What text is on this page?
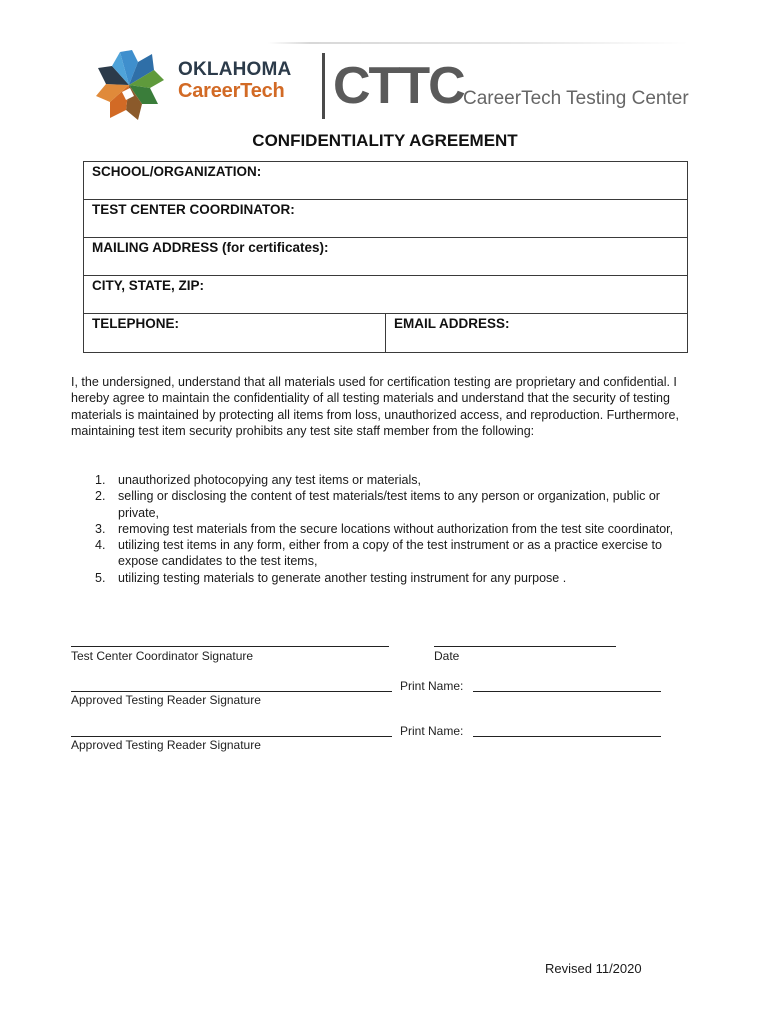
OKLAHOMA
CareerTech CTTC CareerTech Testing Center
CONFIDENTIALITY AGREEMENT
SCHOOL/ORGANIZATION:
TEST CENTER COORDINATOR:
MAILING ADDRESS (for certificates):
CITY, STATE, ZIP:
TELEPHONE:	EMAIL ADDRESS:
I, the undersigned, understand that all materials used for certification testing are proprietary and confidential. I hereby agree to maintain the confidentiality of all testing materials and understand that the security of testing materials is maintained by protecting all items from loss, unauthorized access, and reproduction. Furthermore, maintaining test item security prohibits any test site staff member from the following:
1. unauthorized photocopying any test items or materials,
2. selling or disclosing the content of test materials/test items to any person or organization, public or private,
3. removing test materials from the secure locations without authorization from the test site coordinator,
4. utilizing test items in any form, either from a copy of the test instrument or as a practice exercise to expose candidates to the test items,
5. utilizing testing materials to generate another testing instrument for any purpose .
Test Center Coordinator Signature	Date
Approved Testing Reader Signature
Print Name:
Approved Testing Reader Signature
Print Name:
Revised 11/2020
